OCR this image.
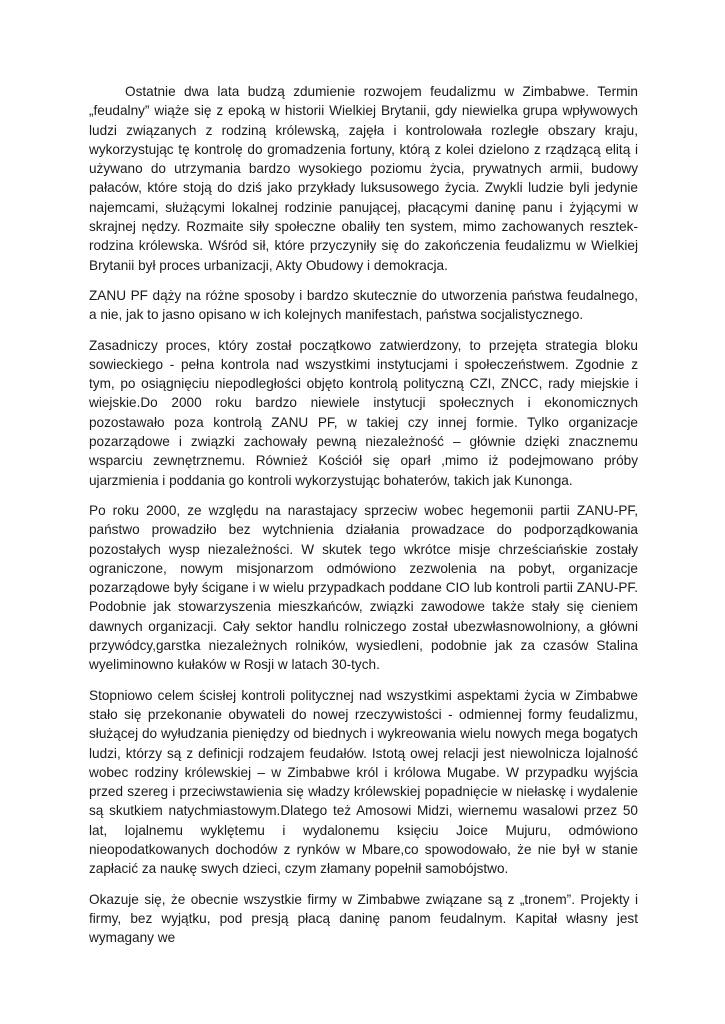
Ostatnie dwa lata budzą zdumienie rozwojem feudalizmu w Zimbabwe. Termin „feudalny” wiąże się z epoką w historii Wielkiej Brytanii, gdy niewielka grupa wpływowych ludzi związanych z rodziną królewską, zajęła i kontrolowała rozległe obszary kraju, wykorzystując tę kontrolę do gromadzenia fortuny, którą z kolei dzielono z rządzącą elitą i używano do utrzymania bardzo wysokiego poziomu życia, prywatnych armii, budowy pałaców, które stoją do dziś jako przykłady luksusowego życia. Zwykli ludzie byli jedynie najemcami, służącymi lokalnej rodzinie panującej, płacącymi daninę panu i żyjącymi w skrajnej nędzy. Rozmaite siły społeczne obaliły ten system, mimo zachowanych resztek- rodzina królewska. Wśród sił, które przyczyniły się do zakończenia feudalizmu w Wielkiej Brytanii był proces urbanizacji, Akty Obudowy i demokracja.

ZANU PF dąży na różne sposoby i bardzo skutecznie do utworzenia państwa feudalnego, a nie, jak to jasno opisano w ich kolejnych manifestach, państwa socjalistycznego.

Zasadniczy proces, który został początkowo zatwierdzony, to przejęta strategia bloku sowieckiego - pełna kontrola nad wszystkimi instytucjami i społeczeństwem. Zgodnie z tym, po osiągnięciu niepodległości objęto kontrolą polityczną CZI, ZNCC, rady miejskie i wiejskie.Do 2000 roku bardzo niewiele instytucji społecznych i ekonomicznych pozostawało poza kontrolą ZANU PF, w takiej czy innej formie. Tylko organizacje pozarządowe i związki zachowały pewną niezależność – głównie dzięki znacznemu wsparciu zewnętrznemu. Również Kościół się oparł ,mimo iż podejmowano próby ujarzmienia i poddania go kontroli wykorzystując bohaterów, takich jak Kunonga.

Po roku 2000, ze względu na narastajacy sprzeciw wobec hegemonii partii ZANU-PF, państwo prowadziło bez wytchnienia działania prowadzace do podporządkowania pozostałych wysp niezależności. W skutek tego wkrótce misje chrześciańskie zostały ograniczone, nowym misjonarzom odmówiono zezwolenia na pobyt, organizacje pozarządowe były ścigane i w wielu przypadkach poddane CIO lub kontroli partii ZANU-PF. Podobnie jak stowarzyszenia mieszkańców, związki zawodowe także stały się cieniem dawnych organizacji. Cały sektor handlu rolniczego został ubezwłasnowolniony, a główni przywódcy,garstka niezależnych rolników, wysiedleni, podobnie jak za czasów Stalina wyeliminowno kułaków w Rosji w latach 30-tych.

Stopniowo celem ścisłej kontroli politycznej nad wszystkimi aspektami życia w Zimbabwe stało się przekonanie obywateli do nowej rzeczywistości - odmiennej formy feudalizmu, służącej do wyłudzania pieniędzy od biednych i wykreowania wielu nowych mega bogatych ludzi, którzy są z definicji rodzajem feudałów. Istotą owej relacji jest niewolnicza lojalność wobec rodziny królewskiej – w Zimbabwe król i królowa Mugabe. W przypadku wyjścia przed szereg i przeciwstawienia się władzy królewskiej popadnięcie w niełaskę i wydalenie są skutkiem natychmiastowym.Dlatego też Amosowi Midzi, wiernemu wasalowi przez 50 lat, lojalnemu wyklętemu i wydalonemu księciu Joice Mujuru, odmówiono nieopodatkowanych dochodów z rynków w Mbare,co spowodowało, że nie był w stanie zapłacić za naukę swych dzieci, czym złamany popełnił samobójstwo.

Okazuje się, że obecnie wszystkie firmy w Zimbabwe związane są z „tronem”. Projekty i firmy, bez wyjątku, pod presją płacą daninę panom feudalnym. Kapitał własny jest wymagany we
